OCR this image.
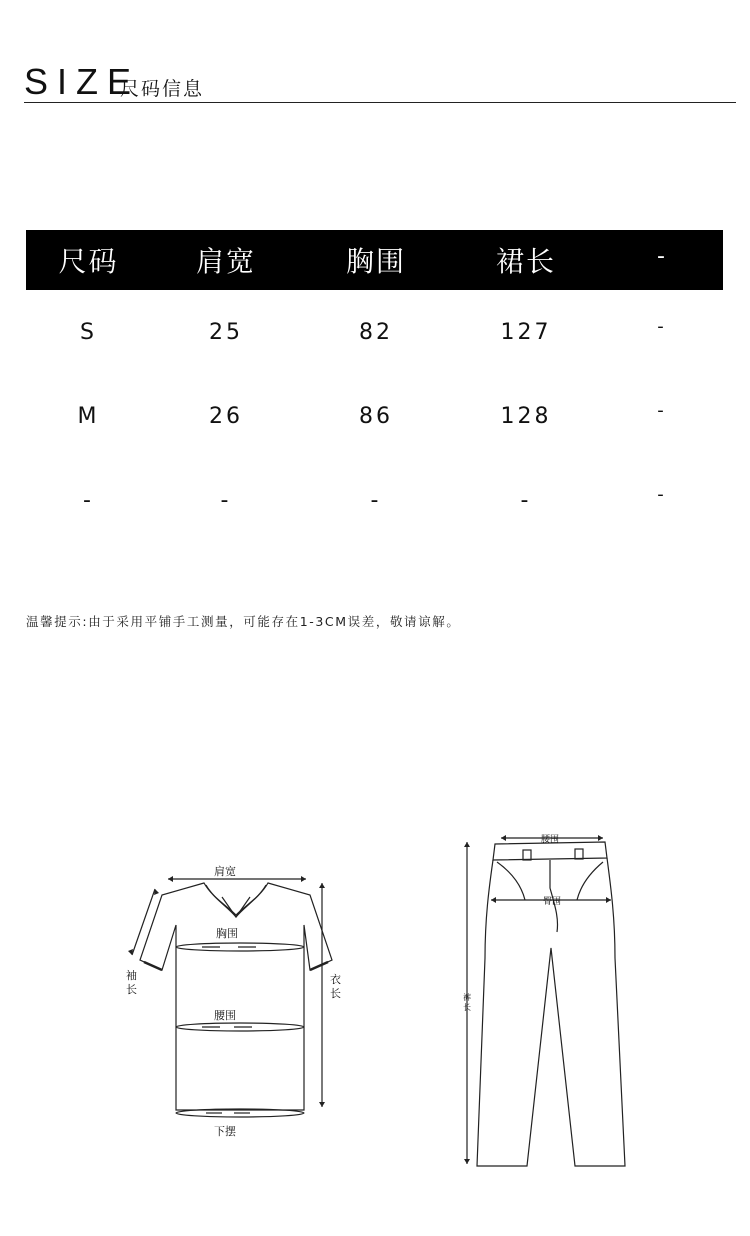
SIZE
尺码信息
尺码	肩宽	胸围	裙长	-
S	25	82	127	-
M	26	86	128	-
-	-	-	-	-
温馨提示:由于采用平铺手工测量，可能存在1-3CM误差，敬请谅解。
肩宽
胸围
袖
长
腰围
衣
长
下摆
腰围
臀围
裤
长
